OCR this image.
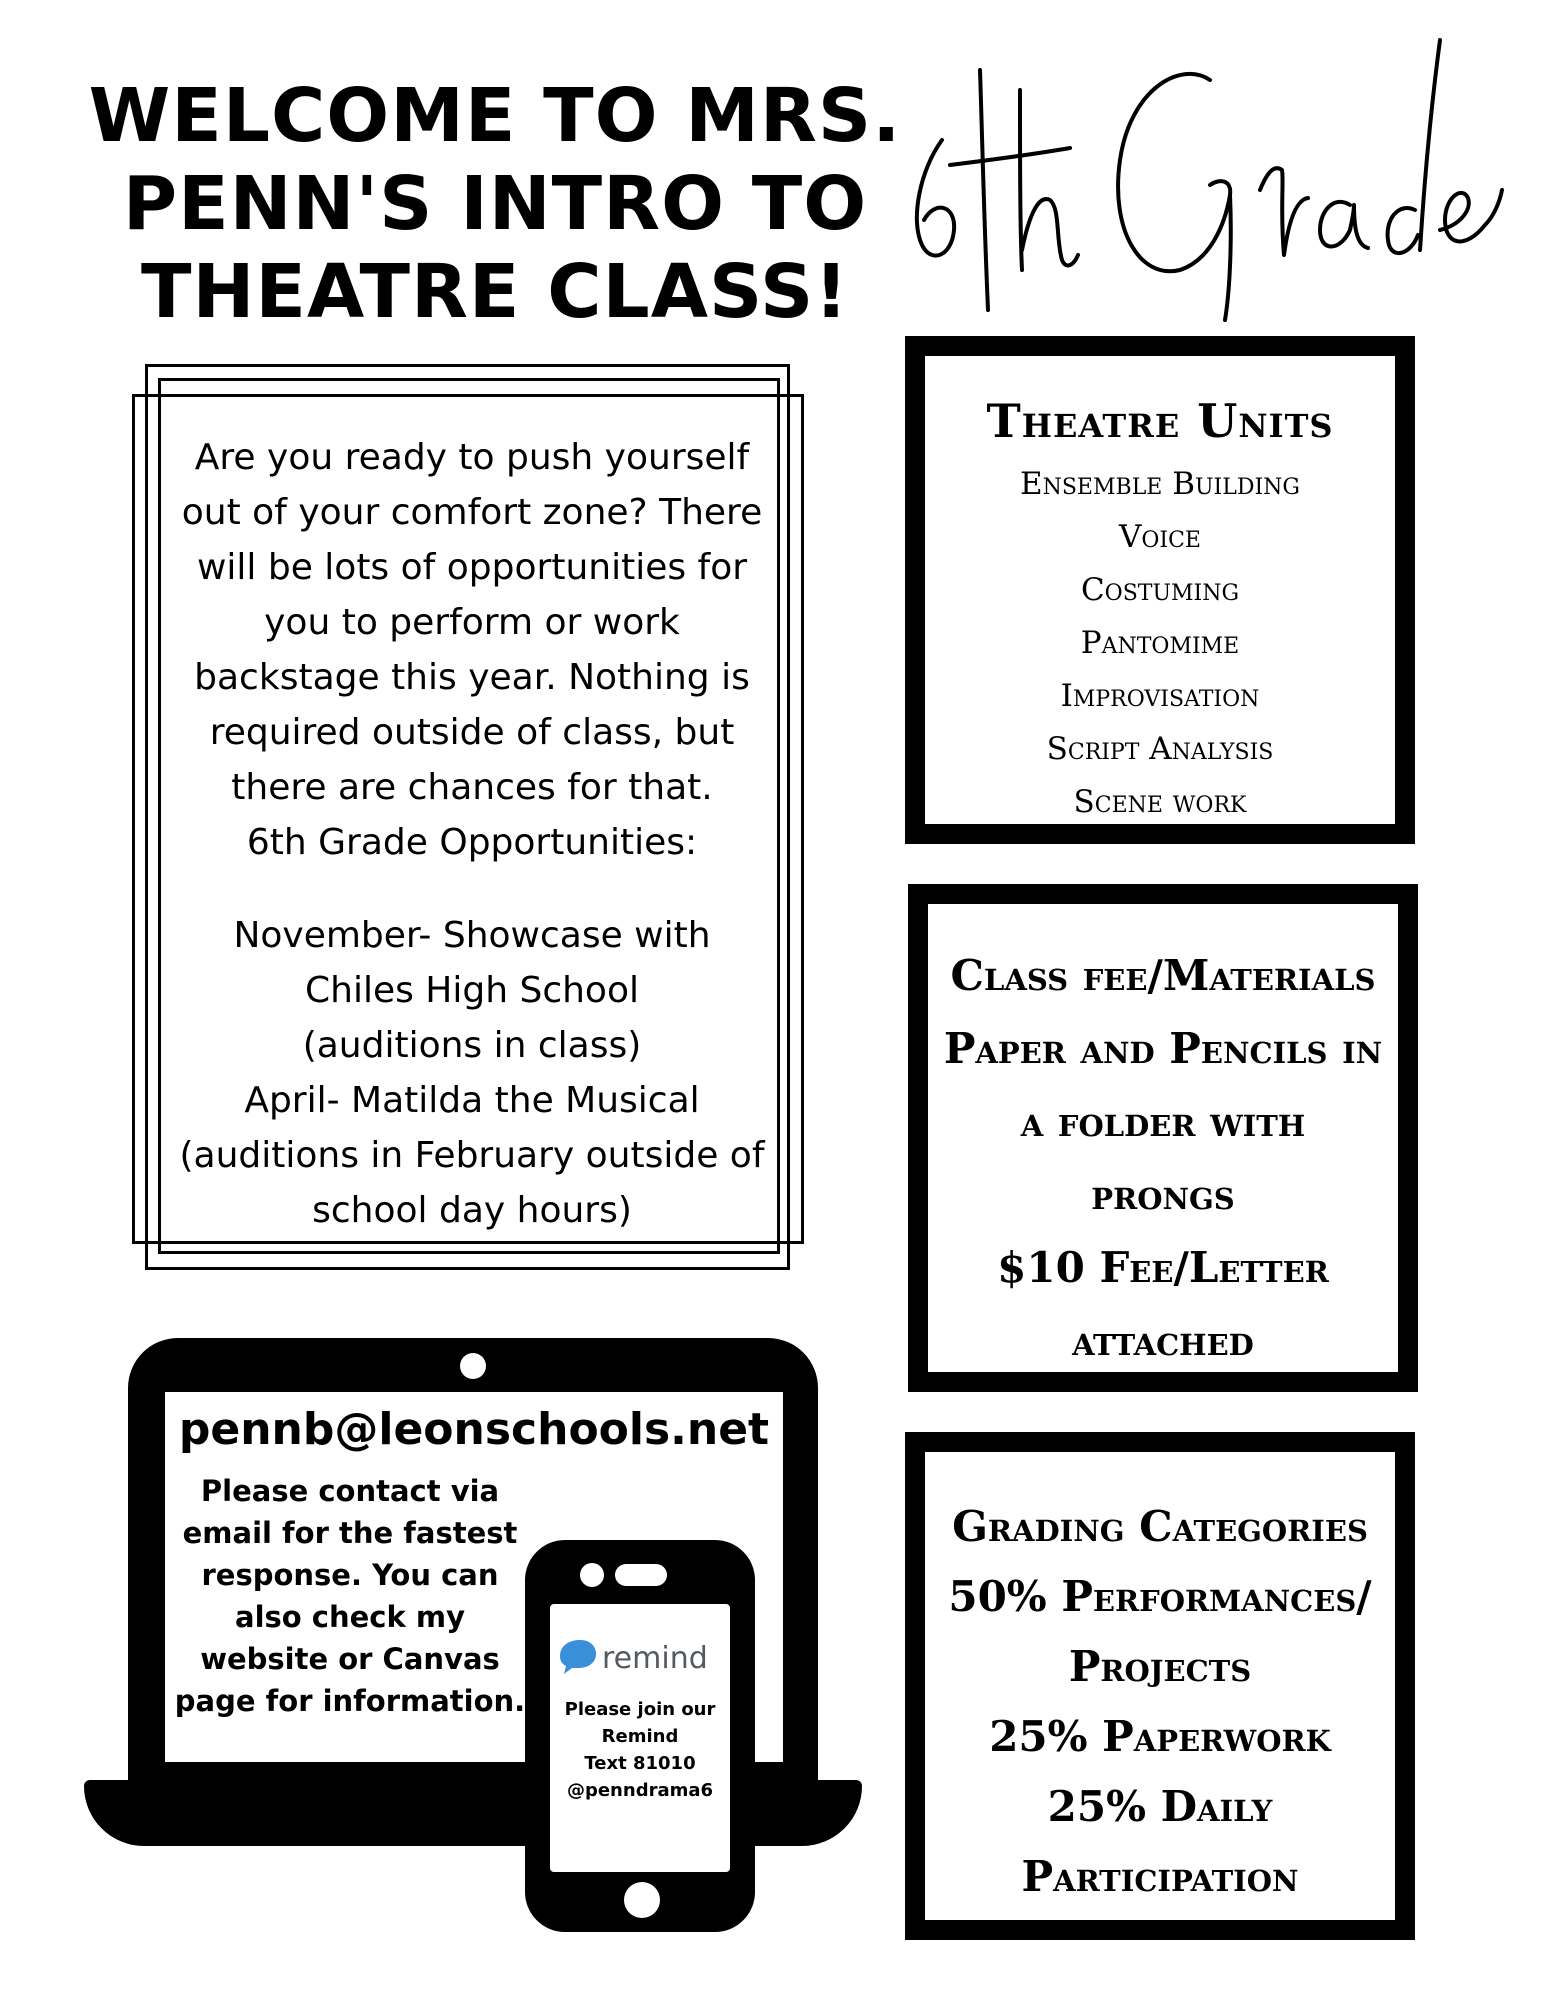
WELCOME TO MRS.
PENN'S INTRO TO
THEATRE CLASS!

Are you ready to push yourself out of your comfort zone? There will be lots of opportunities for you to perform or work backstage this year. Nothing is required outside of class, but there are chances for that.

6th Grade Opportunities:

November- Showcase with

Chiles High School

(auditions in class)

April- Matilda the Musical

(auditions in February outside of school day hours)

Theatre Units
Ensemble Building
Voice
Costuming
Pantomime
Improvisation
Script Analysis
Scene work
Class fee/Materials
Paper and Pencils in
a folder with
prongs
$10 Fee/Letter
attached
Grading Categories
50% Performances/
Projects
25% Paperwork
25% Daily
Participation
pennb@leonschools.net
Please contact via email for the fastest response. You can also check my website or Canvas page for information.
remind
Please join our
Remind
Text 81010
@penndrama6
